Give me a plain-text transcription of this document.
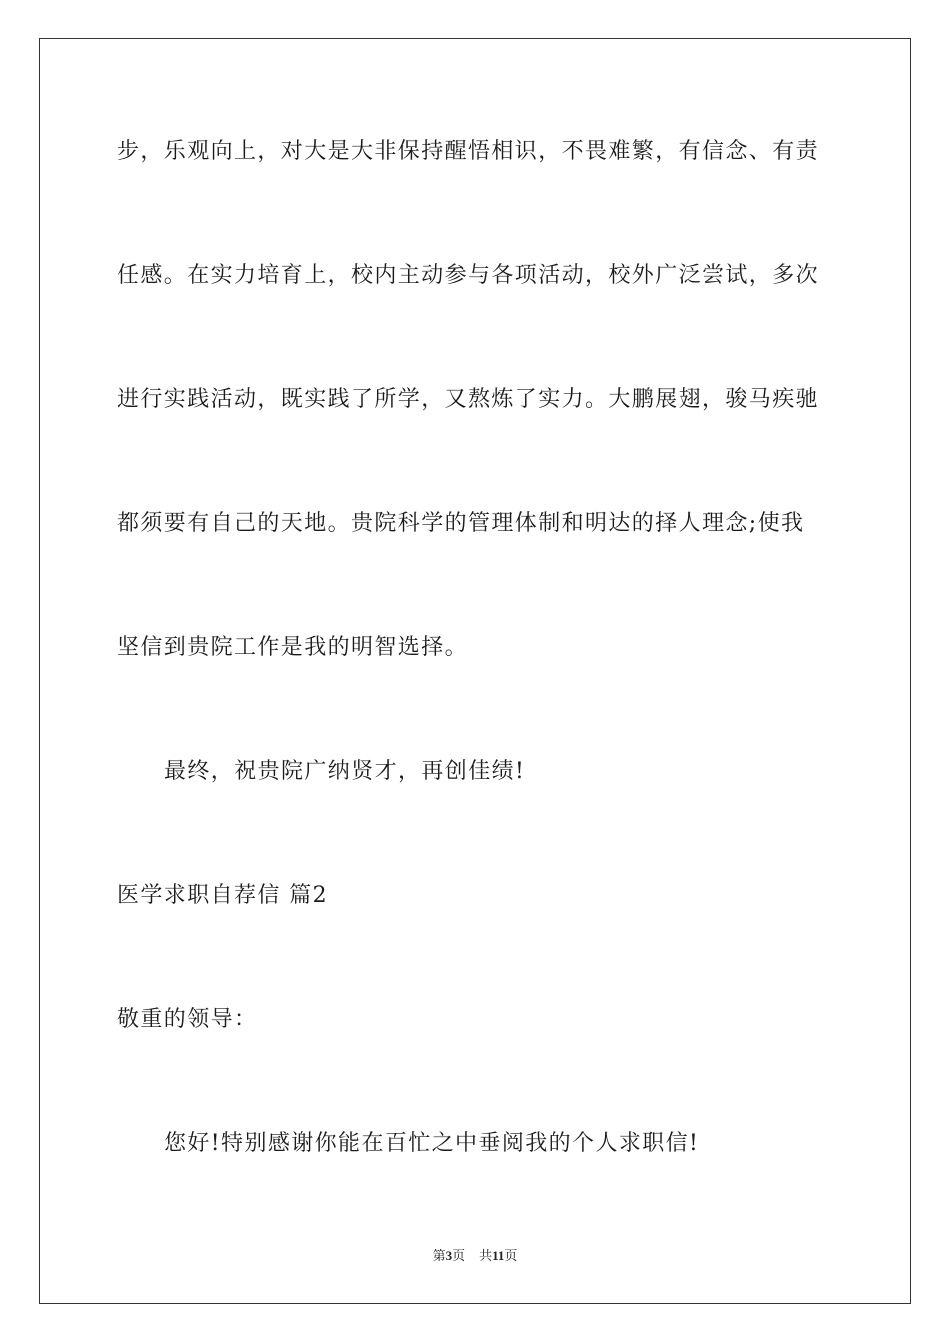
步，乐观向上，对大是大非保持醒悟相识，不畏难繁，有信念、有责
任感。在实力培育上，校内主动参与各项活动，校外广泛尝试，多次
进行实践活动，既实践了所学，又熬炼了实力。大鹏展翅，骏马疾驰
都须要有自己的天地。贵院科学的管理体制和明达的择人理念;使我
坚信到贵院工作是我的明智选择。
最终，祝贵院广纳贤才，再创佳绩!
医学求职自荐信 篇2
敬重的领导：
您好!特别感谢你能在百忙之中垂阅我的个人求职信!
第3页 共11页
